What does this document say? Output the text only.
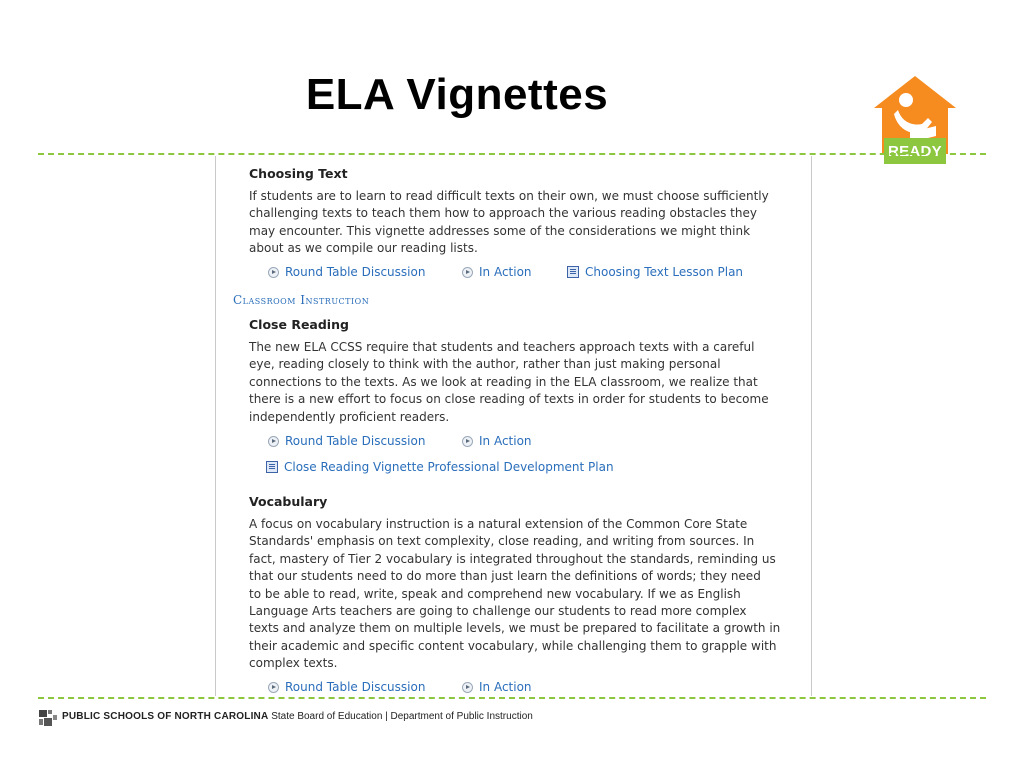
ELA Vignettes
READY
Choosing Text
If students are to learn to read difficult texts on their own, we must choose sufficiently
challenging texts to teach them how to approach the various reading obstacles they
may encounter. This vignette addresses some of the considerations we might think
about as we compile our reading lists.
Round Table Discussion	In Action	Choosing Text Lesson Plan
Classroom Instruction
Close Reading
The new ELA CCSS require that students and teachers approach texts with a careful
eye, reading closely to think with the author, rather than just making personal
connections to the texts. As we look at reading in the ELA classroom, we realize that
there is a new effort to focus on close reading of texts in order for students to become
independently proficient readers.
Round Table Discussion	In Action
Close Reading Vignette Professional Development Plan
Vocabulary
A focus on vocabulary instruction is a natural extension of the Common Core State
Standards' emphasis on text complexity, close reading, and writing from sources. In
fact, mastery of Tier 2 vocabulary is integrated throughout the standards, reminding us
that our students need to do more than just learn the definitions of words; they need
to be able to read, write, speak and comprehend new vocabulary. If we as English
Language Arts teachers are going to challenge our students to read more complex
texts and analyze them on multiple levels, we must be prepared to facilitate a growth in
their academic and specific content vocabulary, while challenging them to grapple with
complex texts.
Round Table Discussion	In Action
PUBLIC SCHOOLS OF NORTH CAROLINA State Board of Education | Department of Public Instruction
